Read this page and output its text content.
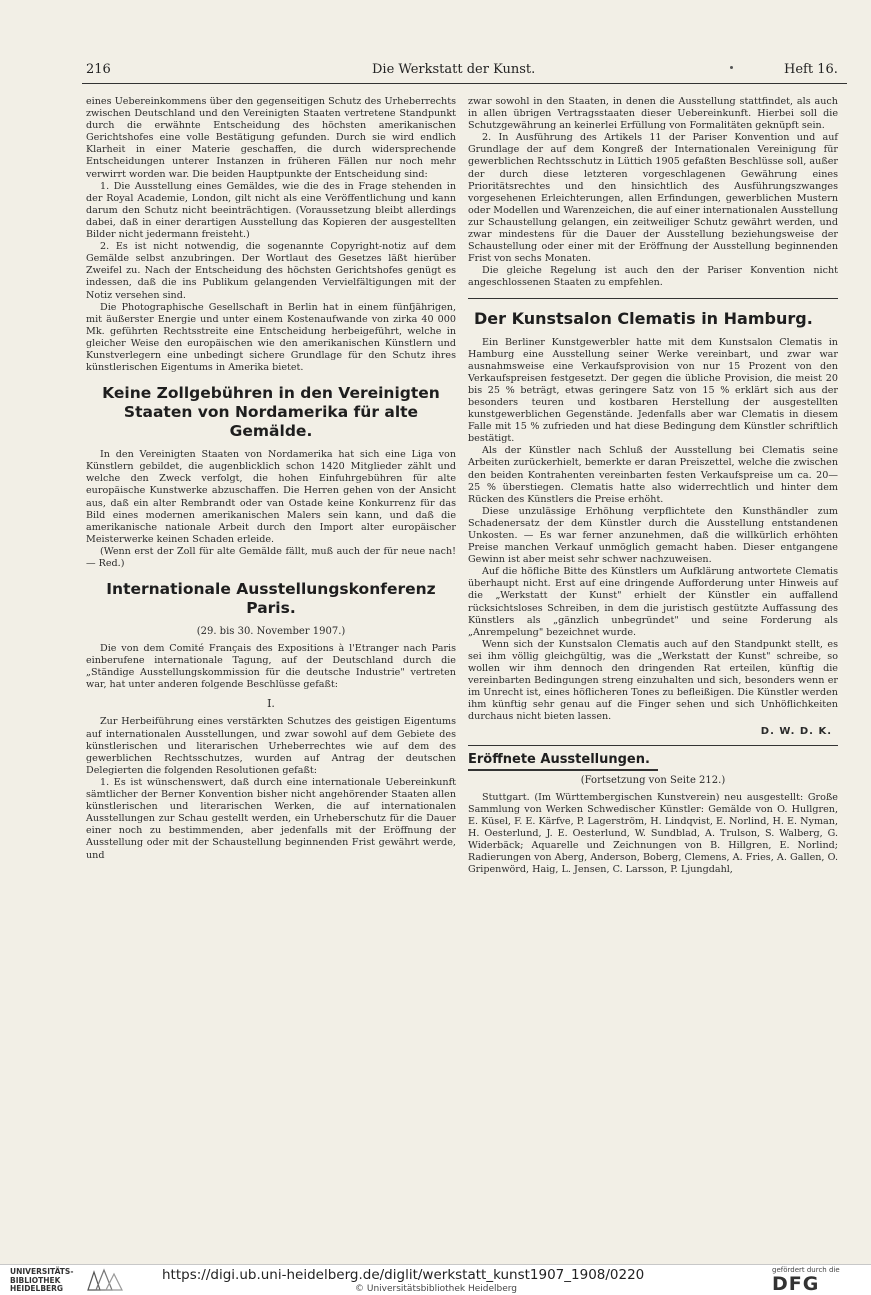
216	Die Werkstatt der Kunst.	Heft 16.

eines Uebereinkommens über den gegenseitigen Schutz des Urheberrechts zwischen Deutschland und den Vereinigten Staaten vertretene Standpunkt durch die erwähnte Entscheidung des höchsten amerikanischen Gerichtshofes eine volle Bestätigung gefunden. Durch sie wird endlich Klarheit in einer Materie geschaffen, die durch widersprechende Entscheidungen unterer Instanzen in früheren Fällen nur noch mehr verwirrt worden war. Die beiden Hauptpunkte der Entscheidung sind:

1. Die Ausstellung eines Gemäldes, wie die des in Frage stehenden in der Royal Academie, London, gilt nicht als eine Veröffentlichung und kann darum den Schutz nicht beeinträchtigen. (Voraussetzung bleibt allerdings dabei, daß in einer derartigen Ausstellung das Kopieren der ausgestellten Bilder nicht jedermann freisteht.)

2. Es ist nicht notwendig, die sogenannte Copyright-notiz auf dem Gemälde selbst anzubringen. Der Wortlaut des Gesetzes läßt hierüber Zweifel zu. Nach der Entscheidung des höchsten Gerichtshofes genügt es indessen, daß die ins Publikum gelangenden Vervielfältigungen mit der Notiz versehen sind.

Die Photographische Gesellschaft in Berlin hat in einem fünfjährigen, mit äußerster Energie und unter einem Kostenaufwande von zirka 40 000 Mk. geführten Rechtsstreite eine Entscheidung herbeigeführt, welche in gleicher Weise den europäischen wie den amerikanischen Künstlern und Kunstverlegern eine unbedingt sichere Grundlage für den Schutz ihres künstlerischen Eigentums in Amerika bietet.

Keine Zollgebühren in den Vereinigten Staaten von Nordamerika für alte Gemälde.

In den Vereinigten Staaten von Nordamerika hat sich eine Liga von Künstlern gebildet, die augenblicklich schon 1420 Mitglieder zählt und welche den Zweck verfolgt, die hohen Einfuhrgebühren für alte europäische Kunstwerke abzuschaffen. Die Herren gehen von der Ansicht aus, daß ein alter Rembrandt oder van Ostade keine Konkurrenz für das Bild eines modernen amerikanischen Malers sein kann, und daß die amerikanische nationale Arbeit durch den Import alter europäischer Meisterwerke keinen Schaden erleide.

(Wenn erst der Zoll für alte Gemälde fällt, muß auch der für neue nach! — Red.)

Internationale Ausstellungskonferenz Paris.
(29. bis 30. November 1907.)

Die von dem Comité Français des Expositions à l'Etranger nach Paris einberufene internationale Tagung, auf der Deutschland durch die „Ständige Ausstellungskommission für die deutsche Industrie" vertreten war, hat unter anderen folgende Beschlüsse gefaßt:

I.

Zur Herbeiführung eines verstärkten Schutzes des geistigen Eigentums auf internationalen Ausstellungen, und zwar sowohl auf dem Gebiete des künstlerischen und literarischen Urheberrechtes wie auf dem des gewerblichen Rechtsschutzes, wurden auf Antrag der deutschen Delegierten die folgenden Resolutionen gefaßt:

1. Es ist wünschenswert, daß durch eine internationale Uebereinkunft sämtlicher der Berner Konvention bisher nicht angehörender Staaten allen künstlerischen und literarischen Werken, die auf internationalen Ausstellungen zur Schau gestellt werden, ein Urheberschutz für die Dauer einer noch zu bestimmenden, aber jedenfalls mit der Eröffnung der Ausstellung oder mit der Schaustellung beginnenden Frist gewährt werde, und

zwar sowohl in den Staaten, in denen die Ausstellung stattfindet, als auch in allen übrigen Vertragsstaaten dieser Uebereinkunft. Hierbei soll die Schutzgewährung an keinerlei Erfüllung von Formalitäten geknüpft sein.

2. In Ausführung des Artikels 11 der Pariser Konvention und auf Grundlage der auf dem Kongreß der Internationalen Vereinigung für gewerblichen Rechtsschutz in Lüttich 1905 gefaßten Beschlüsse soll, außer der durch diese letzteren vorgeschlagenen Gewährung eines Prioritätsrechtes und den hinsichtlich des Ausführungszwanges vorgesehenen Erleichterungen, allen Erfindungen, gewerblichen Mustern oder Modellen und Warenzeichen, die auf einer internationalen Ausstellung zur Schaustellung gelangen, ein zeitweiliger Schutz gewährt werden, und zwar mindestens für die Dauer der Ausstellung beziehungsweise der Schaustellung oder einer mit der Eröffnung der Ausstellung beginnenden Frist von sechs Monaten.

Die gleiche Regelung ist auch den der Pariser Konvention nicht angeschlossenen Staaten zu empfehlen.

Der Kunstsalon Clematis in Hamburg.

Ein Berliner Kunstgewerbler hatte mit dem Kunstsalon Clematis in Hamburg eine Ausstellung seiner Werke vereinbart, und zwar war ausnahmsweise eine Verkaufsprovision von nur 15 Prozent von den Verkaufspreisen festgesetzt. Der gegen die übliche Provision, die meist 20 bis 25 % beträgt, etwas geringere Satz von 15 % erklärt sich aus der besonders teuren und kostbaren Herstellung der ausgestellten kunstgewerblichen Gegenstände. Jedenfalls aber war Clematis in diesem Falle mit 15 % zufrieden und hat diese Bedingung dem Künstler schriftlich bestätigt.

Als der Künstler nach Schluß der Ausstellung bei Clematis seine Arbeiten zurückerhielt, bemerkte er daran Preiszettel, welche die zwischen den beiden Kontrahenten vereinbarten festen Verkaufspreise um ca. 20—25 % überstiegen. Clematis hatte also widerrechtlich und hinter dem Rücken des Künstlers die Preise erhöht.

Diese unzulässige Erhöhung verpflichtete den Kunsthändler zum Schadenersatz der dem Künstler durch die Ausstellung entstandenen Unkosten. — Es war ferner anzunehmen, daß die willkürlich erhöhten Preise manchen Verkauf unmöglich gemacht haben. Dieser entgangene Gewinn ist aber meist sehr schwer nachzuweisen.

Auf die höfliche Bitte des Künstlers um Aufklärung antwortete Clematis überhaupt nicht. Erst auf eine dringende Aufforderung unter Hinweis auf die „Werkstatt der Kunst" erhielt der Künstler ein auffallend rücksichtsloses Schreiben, in dem die juristisch gestützte Auffassung des Künstlers als „gänzlich unbegründet" und seine Forderung als „Anrempelung" bezeichnet wurde.

Wenn sich der Kunstsalon Clematis auch auf den Standpunkt stellt, es sei ihm völlig gleichgültig, was die „Werkstatt der Kunst" schreibe, so wollen wir ihm dennoch den dringenden Rat erteilen, künftig die vereinbarten Bedingungen streng einzuhalten und sich, besonders wenn er im Unrecht ist, eines höflicheren Tones zu befleißigen. Die Künstler werden ihm künftig sehr genau auf die Finger sehen und sich Unhöflichkeiten durchaus nicht bieten lassen.

D. W. D. K.
Eröffnete Ausstellungen.
(Fortsetzung von Seite 212.)

Stuttgart. (Im Württembergischen Kunstverein) neu ausgestellt: Große Sammlung von Werken Schwedischer Künstler: Gemälde von O. Hullgren, E. Küsel, F. E. Kärfve, P. Lagerström, H. Lindqvist, E. Norlind, H. E. Nyman, H. Oesterlund, J. E. Oesterlund, W. Sundblad, A. Trulson, S. Walberg, G. Widerbäck; Aquarelle und Zeichnungen von B. Hillgren, E. Norlind; Radierungen von Aberg, Anderson, Boberg, Clemens, A. Fries, A. Gallen, O. Gripenwörd, Haig, L. Jensen, C. Larsson, P. Ljungdahl,

UNIVERSITÄTS-
BIBLIOTHEK
HEIDELBERG
https://digi.ub.uni-heidelberg.de/diglit/werkstatt_kunst1907_1908/0220
© Universitätsbibliothek Heidelberg
gefördert durch die
DFG
